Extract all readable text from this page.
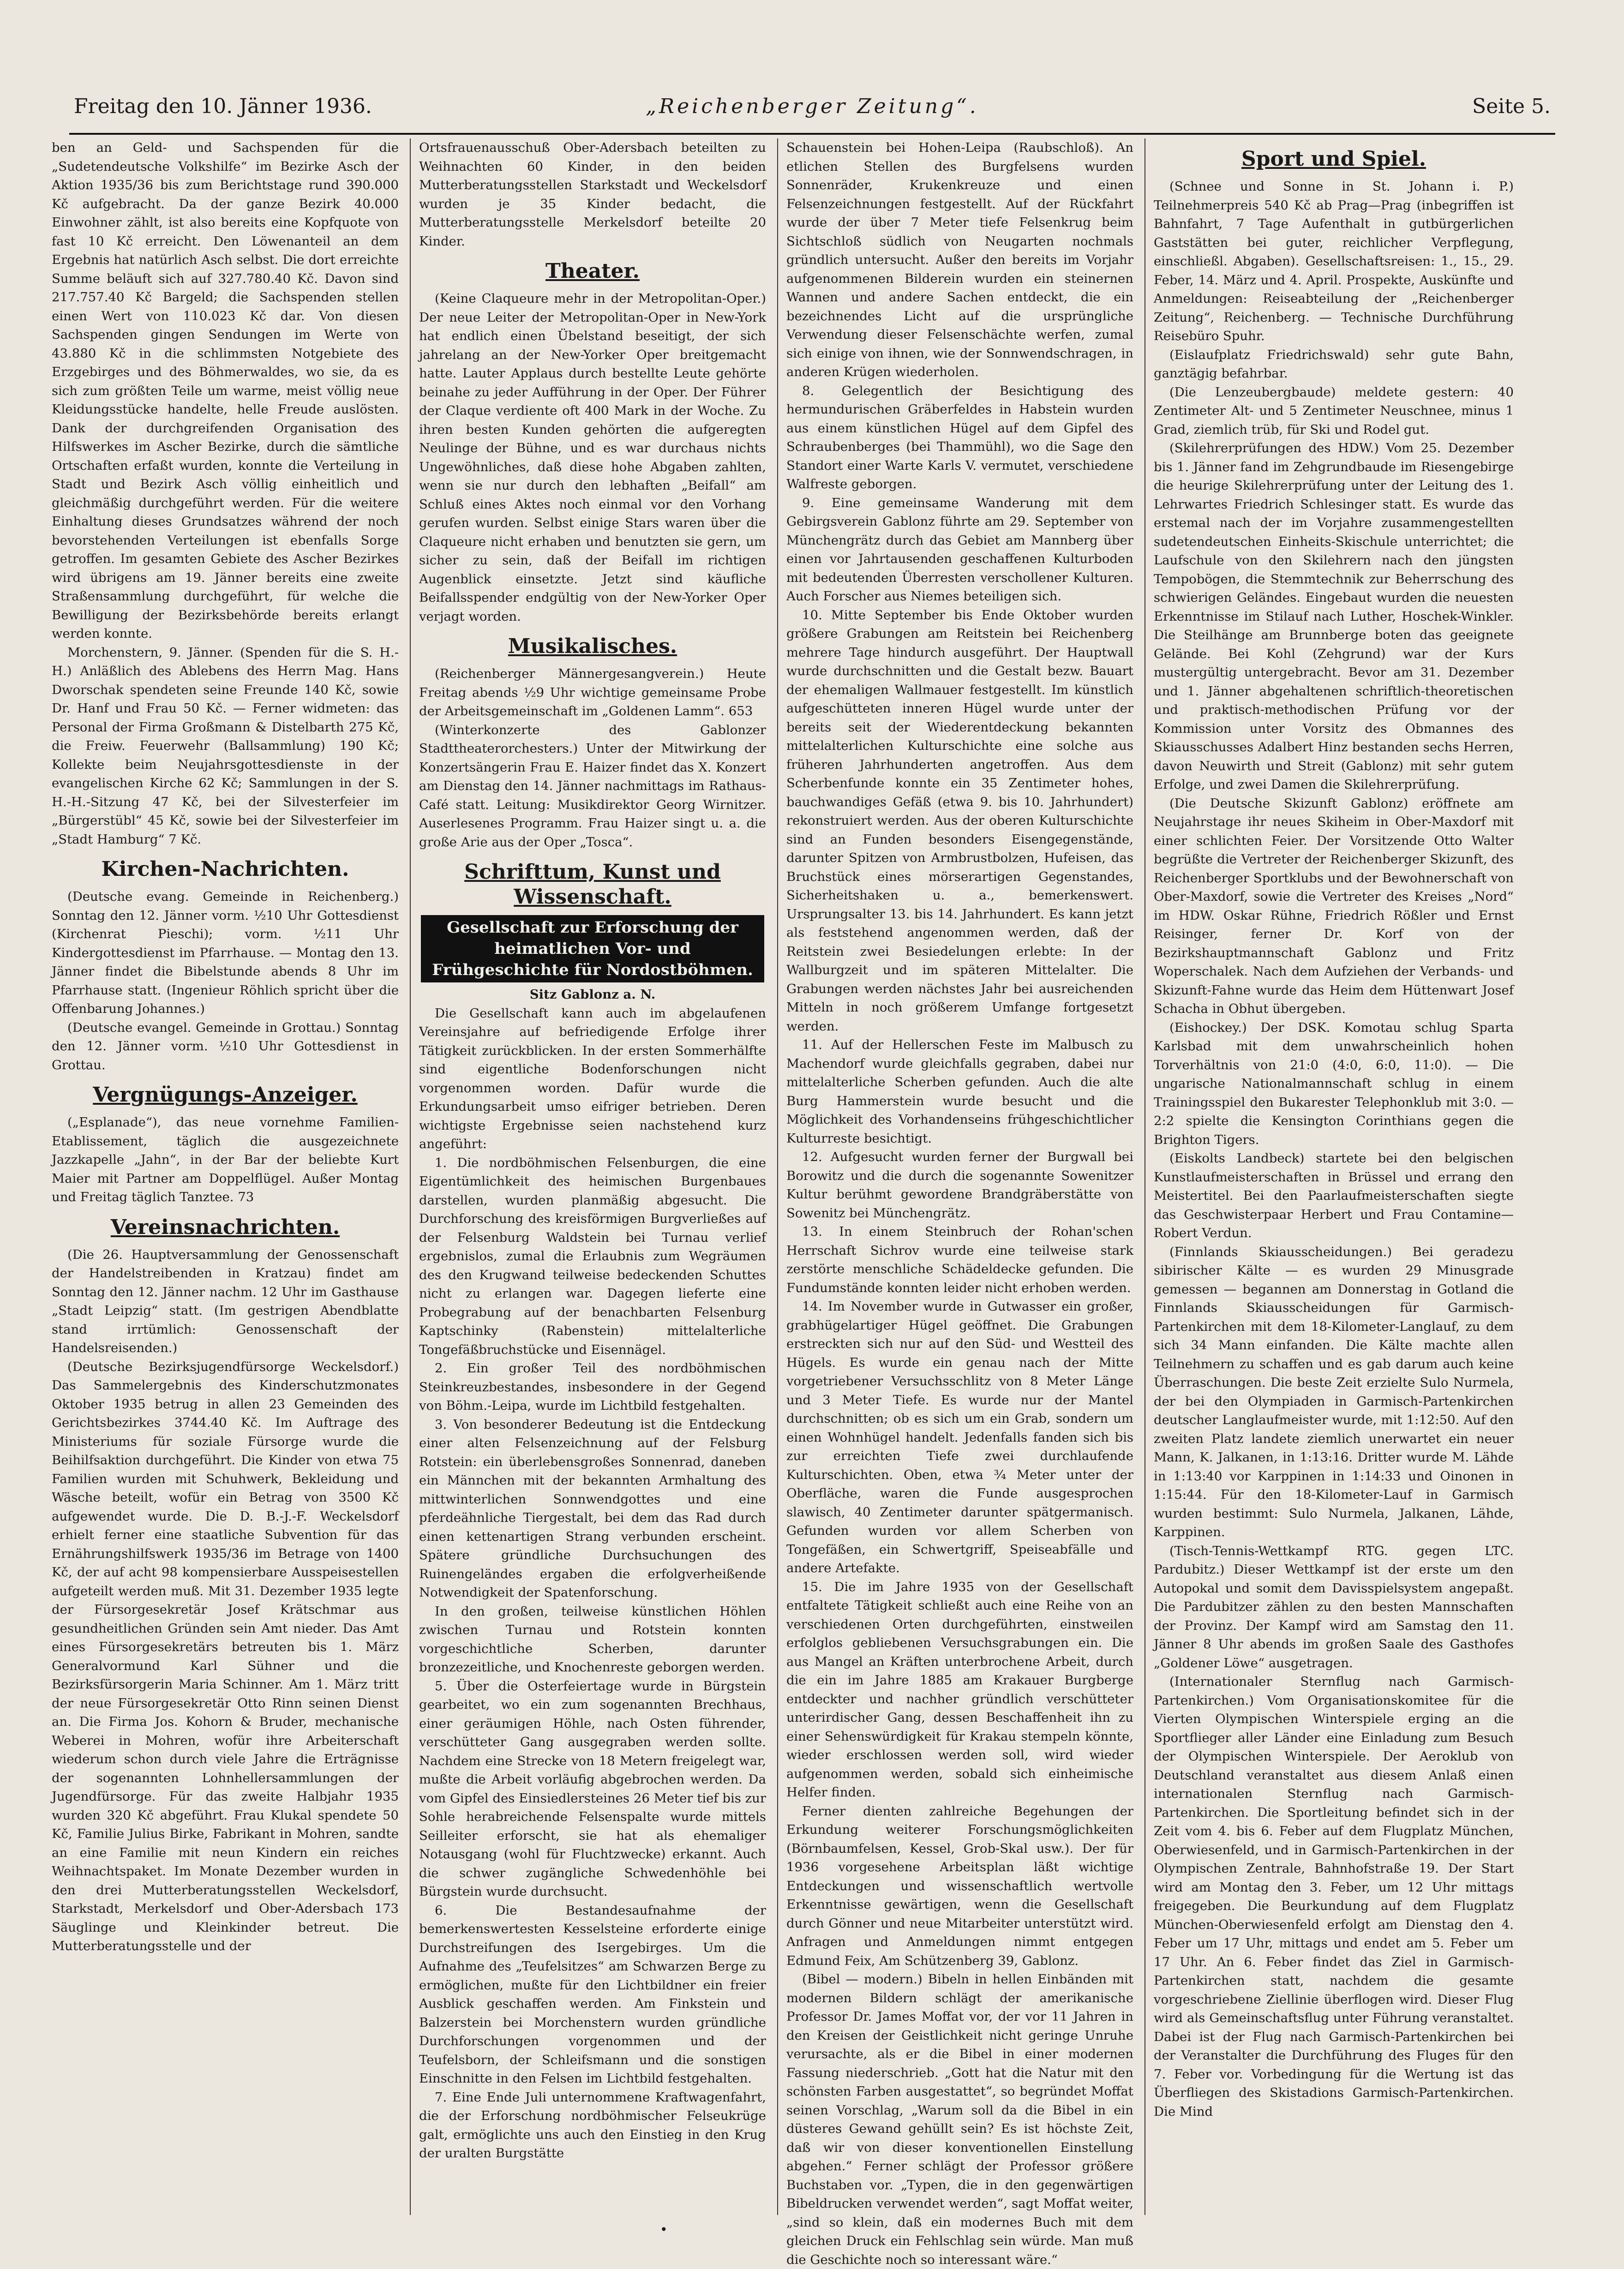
Freitag den 10. Jänner 1936.	„Reichenberger Zeitung“.	Seite 5.

ben an Geld- und Sachspenden für die „Sudetendeutsche Volkshilfe“ im Bezirke Asch der Aktion 1935/36 bis zum Berichtstage rund 390.000 Kč aufgebracht. Da der ganze Bezirk 40.000 Einwohner zählt, ist also bereits eine Kopfquote von fast 10 Kč erreicht. Den Löwenanteil an dem Ergebnis hat natürlich Asch selbst. Die dort erreichte Summe beläuft sich auf 327.780.40 Kč. Davon sind 217.757.40 Kč Bargeld; die Sachspenden stellen einen Wert von 110.023 Kč dar. Von diesen Sachspenden gingen Sendungen im Werte von 43.880 Kč in die schlimmsten Notgebiete des Erzgebirges und des Böhmerwaldes, wo sie, da es sich zum größten Teile um warme, meist völlig neue Kleidungsstücke handelte, helle Freude auslösten. Dank der durchgreifenden Organisation des Hilfswerkes im Ascher Bezirke, durch die sämtliche Ortschaften erfaßt wurden, konnte die Verteilung in Stadt und Bezirk Asch völlig einheitlich und gleichmäßig durchgeführt werden. Für die weitere Einhaltung dieses Grundsatzes während der noch bevorstehenden Verteilungen ist ebenfalls Sorge getroffen. Im gesamten Gebiete des Ascher Bezirkes wird übrigens am 19. Jänner bereits eine zweite Straßensammlung durchgeführt, für welche die Bewilligung der Bezirksbehörde bereits erlangt werden konnte.

Morchenstern, 9. Jänner. (Spenden für die S. H.-H.) Anläßlich des Ablebens des Herrn Mag. Hans Dworschak spendeten seine Freunde 140 Kč, sowie Dr. Hanf und Frau 50 Kč. — Ferner widmeten: das Personal der Firma Großmann & Distelbarth 275 Kč, die Freiw. Feuerwehr (Ballsammlung) 190 Kč; Kollekte beim Neujahrsgottesdienste in der evangelischen Kirche 62 Kč; Sammlungen in der S. H.-H.-Sitzung 47 Kč, bei der Silvesterfeier im „Bürgerstübl“ 45 Kč, sowie bei der Silvesterfeier im „Stadt Hamburg“ 7 Kč.

Kirchen-Nachrichten.

(Deutsche evang. Gemeinde in Reichenberg.) Sonntag den 12. Jänner vorm. ½10 Uhr Gottesdienst (Kirchenrat Pieschi); vorm. ½11 Uhr Kindergottesdienst im Pfarrhause. — Montag den 13. Jänner findet die Bibelstunde abends 8 Uhr im Pfarrhause statt. (Ingenieur Röhlich spricht über die Offenbarung Johannes.)

(Deutsche evangel. Gemeinde in Grottau.) Sonntag den 12. Jänner vorm. ½10 Uhr Gottesdienst in Grottau.

Vergnügungs-Anzeiger.

(„Esplanade“), das neue vornehme Familien-Etablissement, täglich die ausgezeichnete Jazzkapelle „Jahn“, in der Bar der beliebte Kurt Maier mit Partner am Doppelflügel. Außer Montag und Freitag täglich Tanztee. 73

Vereinsnachrichten.

(Die 26. Hauptversammlung der Genossenschaft der Handelstreibenden in Kratzau) findet am Sonntag den 12. Jänner nachm. 12 Uhr im Gasthause „Stadt Leipzig“ statt. (Im gestrigen Abendblatte stand irrtümlich: Genossenschaft der Handelsreisenden.)

(Deutsche Bezirksjugendfürsorge Weckelsdorf.) Das Sammelergebnis des Kinderschutzmonates Oktober 1935 betrug in allen 23 Gemeinden des Gerichtsbezirkes 3744.40 Kč. Im Auftrage des Ministeriums für soziale Fürsorge wurde die Beihilfsaktion durchgeführt. Die Kinder von etwa 75 Familien wurden mit Schuhwerk, Bekleidung und Wäsche beteilt, wofür ein Betrag von 3500 Kč aufgewendet wurde. Die D. B.-J.-F. Weckelsdorf erhielt ferner eine staatliche Subvention für das Ernährungshilfswerk 1935/36 im Betrage von 1400 Kč, der auf acht 98 kompensierbare Ausspeisestellen aufgeteilt werden muß. Mit 31. Dezember 1935 legte der Fürsorgesekretär Josef Krätschmar aus gesundheitlichen Gründen sein Amt nieder. Das Amt eines Fürsorgesekretärs betreuten bis 1. März Generalvormund Karl Sühner und die Bezirksfürsorgerin Maria Schinner. Am 1. März tritt der neue Fürsorgesekretär Otto Rinn seinen Dienst an. Die Firma Jos. Kohorn & Bruder, mechanische Weberei in Mohren, wofür ihre Arbeiterschaft wiederum schon durch viele Jahre die Erträgnisse der sogenannten Lohnhellersammlungen der Jugendfürsorge. Für das zweite Halbjahr 1935 wurden 320 Kč abgeführt. Frau Klukal spendete 50 Kč, Familie Julius Birke, Fabrikant in Mohren, sandte an eine Familie mit neun Kindern ein reiches Weihnachtspaket. Im Monate Dezember wurden in den drei Mutterberatungsstellen Weckelsdorf, Starkstadt, Merkelsdorf und Ober-Adersbach 173 Säuglinge und Kleinkinder betreut. Die Mutterberatungsstelle und der

Ortsfrauenausschuß Ober-Adersbach beteilten zu Weihnachten 60 Kinder, in den beiden Mutterberatungsstellen Starkstadt und Weckelsdorf wurden je 35 Kinder bedacht, die Mutterberatungsstelle Merkelsdorf beteilte 20 Kinder.

Theater.

(Keine Claqueure mehr in der Metropolitan-Oper.) Der neue Leiter der Metropolitan-Oper in New-York hat endlich einen Übelstand beseitigt, der sich jahrelang an der New-Yorker Oper breitgemacht hatte. Lauter Applaus durch bestellte Leute gehörte beinahe zu jeder Aufführung in der Oper. Der Führer der Claque verdiente oft 400 Mark in der Woche. Zu ihren besten Kunden gehörten die aufgeregten Neulinge der Bühne, und es war durchaus nichts Ungewöhnliches, daß diese hohe Abgaben zahlten, wenn sie nur durch den lebhaften „Beifall“ am Schluß eines Aktes noch einmal vor den Vorhang gerufen wurden. Selbst einige Stars waren über die Claqueure nicht erhaben und benutzten sie gern, um sicher zu sein, daß der Beifall im richtigen Augenblick einsetzte. Jetzt sind käufliche Beifallsspender endgültig von der New-Yorker Oper verjagt worden.

Musikalisches.

(Reichenberger Männergesangverein.) Heute Freitag abends ½9 Uhr wichtige gemeinsame Probe der Arbeitsgemeinschaft im „Goldenen Lamm“. 653

(Winterkonzerte des Gablonzer Stadttheaterorchesters.) Unter der Mitwirkung der Konzertsängerin Frau E. Haizer findet das X. Konzert am Dienstag den 14. Jänner nachmittags im Rathaus-Café statt. Leitung: Musikdirektor Georg Wirnitzer. Auserlesenes Programm. Frau Haizer singt u. a. die große Arie aus der Oper „Tosca“.

Schrifttum, Kunst und Wissenschaft.
Gesellschaft zur Erforschung der heimatlichen Vor- und Frühgeschichte für Nordostböhmen.

Sitz Gablonz a. N.

Die Gesellschaft kann auch im abgelaufenen Vereinsjahre auf befriedigende Erfolge ihrer Tätigkeit zurückblicken. In der ersten Sommerhälfte sind eigentliche Bodenforschungen nicht vorgenommen worden. Dafür wurde die Erkundungsarbeit umso eifriger betrieben. Deren wichtigste Ergebnisse seien nachstehend kurz angeführt:

1. Die nordböhmischen Felsenburgen, die eine Eigentümlichkeit des heimischen Burgenbaues darstellen, wurden planmäßig abgesucht. Die Durchforschung des kreisförmigen Burgverließes auf der Felsenburg Waldstein bei Turnau verlief ergebnislos, zumal die Erlaubnis zum Wegräumen des den Krugwand teilweise bedeckenden Schuttes nicht zu erlangen war. Dagegen lieferte eine Probegrabung auf der benachbarten Felsenburg Kaptschinky (Rabenstein) mittelalterliche Tongefäßbruchstücke und Eisennägel.

2. Ein großer Teil des nordböhmischen Steinkreuzbestandes, insbesondere in der Gegend von Böhm.-Leipa, wurde im Lichtbild festgehalten.

3. Von besonderer Bedeutung ist die Entdeckung einer alten Felsenzeichnung auf der Felsburg Rotstein: ein überlebensgroßes Sonnenrad, daneben ein Männchen mit der bekannten Armhaltung des mittwinterlichen Sonnwendgottes und eine pferdeähnliche Tiergestalt, bei dem das Rad durch einen kettenartigen Strang verbunden erscheint. Spätere gründliche Durchsuchungen des Ruinengeländes ergaben die erfolgverheißende Notwendigkeit der Spatenforschung.

In den großen, teilweise künstlichen Höhlen zwischen Turnau und Rotstein konnten vorgeschichtliche Scherben, darunter bronzezeitliche, und Knochenreste geborgen werden.

5. Über die Osterfeiertage wurde in Bürgstein gearbeitet, wo ein zum sogenannten Brechhaus, einer geräumigen Höhle, nach Osten führender, verschütteter Gang ausgegraben werden sollte. Nachdem eine Strecke von 18 Metern freigelegt war, mußte die Arbeit vorläufig abgebrochen werden. Da vom Gipfel des Einsiedlersteines 26 Meter tief bis zur Sohle herabreichende Felsenspalte wurde mittels Seilleiter erforscht, sie hat als ehemaliger Notausgang (wohl für Fluchtzwecke) erkannt. Auch die schwer zugängliche Schwedenhöhle bei Bürgstein wurde durchsucht.

6. Die Bestandesaufnahme der bemerkenswertesten Kesselsteine erforderte einige Durchstreifungen des Isergebirges. Um die Aufnahme des „Teufelsitzes“ am Schwarzen Berge zu ermöglichen, mußte für den Lichtbildner ein freier Ausblick geschaffen werden. Am Finkstein und Balzerstein bei Morchenstern wurden gründliche Durchforschungen vorgenommen und der Teufelsborn, der Schleifsmann und die sonstigen Einschnitte in den Felsen im Lichtbild festgehalten.

7. Eine Ende Juli unternommene Kraftwagenfahrt, die der Erforschung nordböhmischer Felseukrüge galt, ermöglichte uns auch den Einstieg in den Krug der uralten Burgstätte

Schauenstein bei Hohen-Leipa (Raubschloß). An etlichen Stellen des Burgfelsens wurden Sonnenräder, Krukenkreuze und einen Felsenzeichnungen festgestellt. Auf der Rückfahrt wurde der über 7 Meter tiefe Felsenkrug beim Sichtschloß südlich von Neugarten nochmals gründlich untersucht. Außer den bereits im Vorjahr aufgenommenen Bilderein wurden ein steinernen Wannen und andere Sachen entdeckt, die ein bezeichnendes Licht auf die ursprüngliche Verwendung dieser Felsenschächte werfen, zumal sich einige von ihnen, wie der Sonnwendschragen, in anderen Krügen wiederholen.

8. Gelegentlich der Besichtigung des hermundurischen Gräberfeldes in Habstein wurden aus einem künstlichen Hügel auf dem Gipfel des Schraubenberges (bei Thammühl), wo die Sage den Standort einer Warte Karls V. vermutet, verschiedene Walfreste geborgen.

9. Eine gemeinsame Wanderung mit dem Gebirgsverein Gablonz führte am 29. September von Münchengrätz durch das Gebiet am Mannberg über einen vor Jahrtausenden geschaffenen Kulturboden mit bedeutenden Überresten verschollener Kulturen. Auch Forscher aus Niemes beteiligen sich.

10. Mitte September bis Ende Oktober wurden größere Grabungen am Reitstein bei Reichenberg mehrere Tage hindurch ausgeführt. Der Hauptwall wurde durchschnitten und die Gestalt bezw. Bauart der ehemaligen Wallmauer festgestellt. Im künstlich aufgeschütteten inneren Hügel wurde unter der bereits seit der Wiederentdeckung bekannten mittelalterlichen Kulturschichte eine solche aus früheren Jahrhunderten angetroffen. Aus dem Scherbenfunde konnte ein 35 Zentimeter hohes, bauchwandiges Gefäß (etwa 9. bis 10. Jahrhundert) rekonstruiert werden. Aus der oberen Kulturschichte sind an Funden besonders Eisengegenstände, darunter Spitzen von Armbrustbolzen, Hufeisen, das Bruchstück eines mörserartigen Gegenstandes, Sicherheitshaken u. a., bemerkenswert. Ursprungsalter 13. bis 14. Jahrhundert. Es kann jetzt als feststehend angenommen werden, daß der Reitstein zwei Besiedelungen erlebte: In der Wallburgzeit und im späteren Mittelalter. Die Grabungen werden nächstes Jahr bei ausreichenden Mitteln in noch größerem Umfange fortgesetzt werden.

11. Auf der Hellerschen Feste im Malbusch zu Machendorf wurde gleichfalls gegraben, dabei nur mittelalterliche Scherben gefunden. Auch die alte Burg Hammerstein wurde besucht und die Möglichkeit des Vorhandenseins frühgeschichtlicher Kulturreste besichtigt.

12. Aufgesucht wurden ferner der Burgwall bei Borowitz und die durch die sogenannte Sowenitzer Kultur berühmt gewordene Brandgräberstätte von Sowenitz bei Münchengrätz.

13. In einem Steinbruch der Rohan'schen Herrschaft Sichrov wurde eine teilweise stark zerstörte menschliche Schädeldecke gefunden. Die Fundumstände konnten leider nicht erhoben werden.

14. Im November wurde in Gutwasser ein großer, grabhügelartiger Hügel geöffnet. Die Grabungen erstreckten sich nur auf den Süd- und Westteil des Hügels. Es wurde ein genau nach der Mitte vorgetriebener Versuchsschlitz von 8 Meter Länge und 3 Meter Tiefe. Es wurde nur der Mantel durchschnitten; ob es sich um ein Grab, sondern um einen Wohnhügel handelt. Jedenfalls fanden sich bis zur erreichten Tiefe zwei durchlaufende Kulturschichten. Oben, etwa ¾ Meter unter der Oberfläche, waren die Funde ausgesprochen slawisch, 40 Zentimeter darunter spätgermanisch. Gefunden wurden vor allem Scherben von Tongefäßen, ein Schwertgriff, Speiseabfälle und andere Artefakte.

15. Die im Jahre 1935 von der Gesellschaft entfaltete Tätigkeit schließt auch eine Reihe von an verschiedenen Orten durchgeführten, einstweilen erfolglos gebliebenen Versuchsgrabungen ein. Die aus Mangel an Kräften unterbrochene Arbeit, durch die ein im Jahre 1885 am Krakauer Burgberge entdeckter und nachher gründlich verschütteter unterirdischer Gang, dessen Beschaffenheit ihn zu einer Sehenswürdigkeit für Krakau stempeln könnte, wieder erschlossen werden soll, wird wieder aufgenommen werden, sobald sich einheimische Helfer finden.

Ferner dienten zahlreiche Begehungen der Erkundung weiterer Forschungsmöglichkeiten (Börnbaumfelsen, Kessel, Grob-Skal usw.). Der für 1936 vorgesehene Arbeitsplan läßt wichtige Entdeckungen und wissenschaftlich wertvolle Erkenntnisse gewärtigen, wenn die Gesellschaft durch Gönner und neue Mitarbeiter unterstützt wird. Anfragen und Anmeldungen nimmt entgegen Edmund Feix, Am Schützenberg 39, Gablonz.

(Bibel — modern.) Bibeln in hellen Einbänden mit modernen Bildern schlägt der amerikanische Professor Dr. James Moffat vor, der vor 11 Jahren in den Kreisen der Geistlichkeit nicht geringe Unruhe verursachte, als er die Bibel in einer modernen Fassung niederschrieb. „Gott hat die Natur mit den schönsten Farben ausgestattet“, so begründet Moffat seinen Vorschlag, „Warum soll da die Bibel in ein düsteres Gewand gehüllt sein? Es ist höchste Zeit, daß wir von dieser konventionellen Einstellung abgehen.“ Ferner schlägt der Professor größere Buchstaben vor. „Typen, die in den gegenwärtigen Bibeldrucken verwendet werden“, sagt Moffat weiter, „sind so klein, daß ein modernes Buch mit dem gleichen Druck ein Fehlschlag sein würde. Man muß die Geschichte noch so interessant wäre.“

Sport und Spiel.

(Schnee und Sonne in St. Johann i. P.) Teilnehmerpreis 540 Kč ab Prag—Prag (inbegriffen ist Bahnfahrt, 7 Tage Aufenthalt in gutbürgerlichen Gaststätten bei guter, reichlicher Verpflegung, einschließl. Abgaben). Gesellschaftsreisen: 1., 15., 29. Feber, 14. März und 4. April. Prospekte, Auskünfte und Anmeldungen: Reiseabteilung der „Reichenberger Zeitung“, Reichenberg. — Technische Durchführung Reisebüro Spuhr.

(Eislaufplatz Friedrichswald) sehr gute Bahn, ganztägig befahrbar.

(Die Lenzeubergbaude) meldete gestern: 40 Zentimeter Alt- und 5 Zentimeter Neuschnee, minus 1 Grad, ziemlich trüb, für Ski und Rodel gut.

(Skilehrerprüfungen des HDW.) Vom 25. Dezember bis 1. Jänner fand im Zehgrundbaude im Riesengebirge die heurige Skilehrerprüfung unter der Leitung des 1. Lehrwartes Friedrich Schlesinger statt. Es wurde das erstemal nach der im Vorjahre zusammengestellten sudetendeutschen Einheits-Skischule unterrichtet; die Laufschule von den Skilehrern nach den jüngsten Tempobögen, die Stemmtechnik zur Beherrschung des schwierigen Geländes. Eingebaut wurden die neuesten Erkenntnisse im Stilauf nach Luther, Hoschek-Winkler. Die Steilhänge am Brunnberge boten das geeignete Gelände. Bei Kohl (Zehgrund) war der Kurs mustergültig untergebracht. Bevor am 31. Dezember und 1. Jänner abgehaltenen schriftlich-theoretischen und praktisch-methodischen Prüfung vor der Kommission unter Vorsitz des Obmannes des Skiausschusses Adalbert Hinz bestanden sechs Herren, davon Neuwirth und Streit (Gablonz) mit sehr gutem Erfolge, und zwei Damen die Skilehrerprüfung.

(Die Deutsche Skizunft Gablonz) eröffnete am Neujahrstage ihr neues Skiheim in Ober-Maxdorf mit einer schlichten Feier. Der Vorsitzende Otto Walter begrüßte die Vertreter der Reichenberger Skizunft, des Reichenberger Sportklubs und der Bewohnerschaft von Ober-Maxdorf, sowie die Vertreter des Kreises „Nord“ im HDW. Oskar Rühne, Friedrich Rößler und Ernst Reisinger, ferner Dr. Korf von der Bezirkshauptmannschaft Gablonz und Fritz Woperschalek. Nach dem Aufziehen der Verbands- und Skizunft-Fahne wurde das Heim dem Hüttenwart Josef Schacha in Obhut übergeben.

(Eishockey.) Der DSK. Komotau schlug Sparta Karlsbad mit dem unwahrscheinlich hohen Torverhältnis von 21:0 (4:0, 6:0, 11:0). — Die ungarische Nationalmannschaft schlug in einem Trainingsspiel den Bukarester Telephonklub mit 3:0. — 2:2 spielte die Kensington Corinthians gegen die Brighton Tigers.

(Eiskolts Landbeck) startete bei den belgischen Kunstlaufmeisterschaften in Brüssel und errang den Meistertitel. Bei den Paarlaufmeisterschaften siegte das Geschwisterpaar Herbert und Frau Contamine—Robert Verdun.

(Finnlands Skiausscheidungen.) Bei geradezu sibirischer Kälte — es wurden 29 Minusgrade gemessen — begannen am Donnerstag in Gotland die Finnlands Skiausscheidungen für Garmisch-Partenkirchen mit dem 18-Kilometer-Langlauf, zu dem sich 34 Mann einfanden. Die Kälte machte allen Teilnehmern zu schaffen und es gab darum auch keine Überraschungen. Die beste Zeit erzielte Sulo Nurmela, der bei den Olympiaden in Garmisch-Partenkirchen deutscher Langlaufmeister wurde, mit 1:12:50. Auf den zweiten Platz landete ziemlich unerwartet ein neuer Mann, K. Jalkanen, in 1:13:16. Dritter wurde M. Lähde in 1:13:40 vor Karppinen in 1:14:33 und Oinonen in 1:15:44. Für den 18-Kilometer-Lauf in Garmisch wurden bestimmt: Sulo Nurmela, Jalkanen, Lähde, Karppinen.

(Tisch-Tennis-Wettkampf RTG. gegen LTC. Pardubitz.) Dieser Wettkampf ist der erste um den Autopokal und somit dem Davisspielsystem angepaßt. Die Pardubitzer zählen zu den besten Mannschaften der Provinz. Der Kampf wird am Samstag den 11. Jänner 8 Uhr abends im großen Saale des Gasthofes „Goldener Löwe“ ausgetragen.

(Internationaler Sternflug nach Garmisch-Partenkirchen.) Vom Organisationskomitee für die Vierten Olympischen Winterspiele erging an die Sportflieger aller Länder eine Einladung zum Besuch der Olympischen Winterspiele. Der Aeroklub von Deutschland veranstaltet aus diesem Anlaß einen internationalen Sternflug nach Garmisch-Partenkirchen. Die Sportleitung befindet sich in der Zeit vom 4. bis 6. Feber auf dem Flugplatz München, Oberwiesenfeld, und in Garmisch-Partenkirchen in der Olympischen Zentrale, Bahnhofstraße 19. Der Start wird am Montag den 3. Feber, um 12 Uhr mittags freigegeben. Die Beurkundung auf dem Flugplatz München-Oberwiesenfeld erfolgt am Dienstag den 4. Feber um 17 Uhr, mittags und endet am 5. Feber um 17 Uhr. An 6. Feber findet das Ziel in Garmisch-Partenkirchen statt, nachdem die gesamte vorgeschriebene Ziellinie überflogen wird. Dieser Flug wird als Gemeinschaftsflug unter Führung veranstaltet. Dabei ist der Flug nach Garmisch-Partenkirchen bei der Veranstalter die Durchführung des Fluges für den 7. Feber vor. Vorbedingung für die Wertung ist das Überfliegen des Skistadions Garmisch-Partenkirchen. Die Mind

•
